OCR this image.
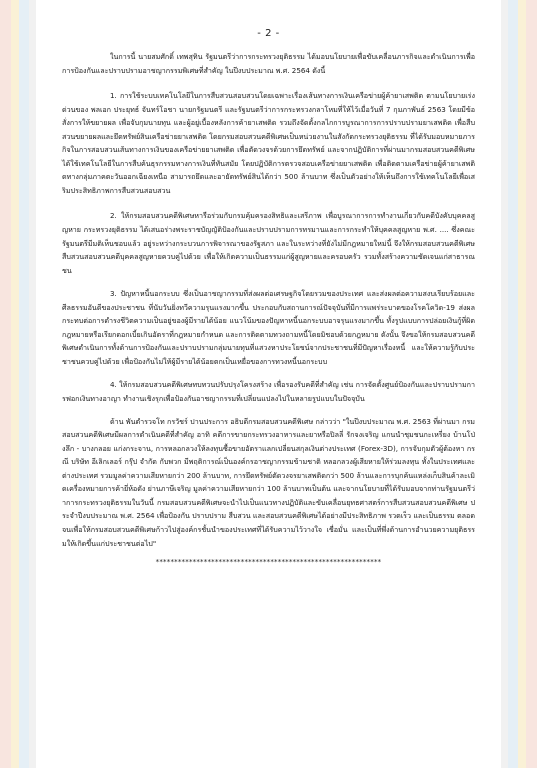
- 2 -

ในการนี้ นายสมศักดิ์ เทพสุทิน รัฐมนตรีว่าการกระทรวงยุติธรรม ได้มอบนโยบายเพื่อขับเคลื่อนภารกิจและดำเนินการเพื่อการป้องกันและปราบปรามอาชญากรรมพิเศษที่สำคัญ ในปีงบประมาณ พ.ศ. 2564 ดังนี้

1. การใช้ระบบเทคโนโลยีในการสืบสวนสอบสวนโดยเฉพาะเรื่องเส้นทางการเงินเครือข่ายผู้ค้ายาเสพติด ตามนโยบายเร่งด่วนของ พลเอก ประยุทธ์ จันทร์โอชา นายกรัฐมนตรี และรัฐมนตรีว่าการกระทรวงกลาโหมที่ให้ไว้เมื่อวันที่ 7 กุมภาพันธ์ 2563 โดยมีข้อสั่งการให้ขยายผล เพื่อจับกุมนายทุน และผู้อยู่เบื้องหลังการค้ายาเสพติด รวมถึงจัดตั้งกลไกการบูรณาการการปราบปรามยาเสพติด เพื่อสืบสวนขยายผลและยึดทรัพย์สินเครือข่ายยาเสพติด โดยกรมสอบสวนคดีพิเศษเป็นหน่วยงานในสังกัดกระทรวงยุติธรรม ที่ได้รับมอบหมายภารกิจในการสอบสวนเส้นทางการเงินของเครือข่ายยาเสพติด เพื่อตัดวงจรด้วยการยึดทรัพย์ และจากปฏิบัติการที่ผ่านมากรมสอบสวนคดีพิเศษได้ใช้เทคโนโลยีในการสืบค้นธุรกรรมทางการเงินที่ทันสมัย โดยปฏิบัติการตรวจสอบเครือข่ายยาเสพติด เพื่อติดตามเครือข่ายผู้ค้ายาเสพติดทางกลุ่มภาคตะวันออกเฉียงเหนือ สามารถยึดและอายัดทรัพย์สินได้กว่า 500 ล้านบาท ซึ่งเป็นตัวอย่างให้เห็นถึงการใช้เทคโนโลยีเพื่อเสริมประสิทธิภาพการสืบสวนสอบสวน

2. ให้กรมสอบสวนคดีพิเศษหารือร่วมกับกรมคุ้มครองสิทธิและเสรีภาพ เพื่อบูรณาการการทำงานเกี่ยวกับคดีบังคับบุคคลสูญหาย กระทรวงยุติธรรม ได้เสนอร่างพระราชบัญญัติป้องกันและปราบปรามการทรมานและการกระทำให้บุคคลสูญหาย พ.ศ. .... ซึ่งคณะรัฐมนตรีมีมติเห็นชอบแล้ว อยู่ระหว่างกระบวนการพิจารณาของรัฐสภา และในระหว่างที่ยังไม่มีกฎหมายใหม่นี้ จึงให้กรมสอบสวนคดีพิเศษสืบสวนสอบสวนคดีบุคคลสูญหายควบคู่ไปด้วย เพื่อให้เกิดความเป็นธรรมแก่ผู้สูญหายและครอบครัว รวมทั้งสร้างความชัดเจนแก่สาธารณชน

3. ปัญหาหนี้นอกระบบ ซึ่งเป็นอาชญากรรมที่ส่งผลต่อเศรษฐกิจโดยรวมของประเทศ และส่งผลต่อความสงบเรียบร้อยและศีลธรรมอันดีของประชาชน ที่นับวันยิ่งทวีความรุนแรงมากขึ้น ประกอบกับสถานการณ์ปัจจุบันที่มีการแพร่ระบาดของโรคโควิด-19 ส่งผลกระทบต่อการดำรงชีวิตความเป็นอยู่ของผู้มีรายได้น้อย แนวโน้มของปัญหาหนี้นอกระบบอาจรุนแรงมากขึ้น ทั้งรูปแบบการปล่อยเงินกู้ที่ผิดกฎหมายหรือเรียกดอกเบี้ยเกินอัตราที่กฎหมายกำหนด และการติดตามทวงถามหนี้โดยมิชอบด้วยกฎหมาย ดังนั้น จึงขอให้กรมสอบสวนคดีพิเศษดำเนินการทั้งด้านการป้องกันและปราบปรามกลุ่มนายทุนที่แสวงหาประโยชน์จากประชาชนที่มีปัญหาเรื่องหนี้ และให้ความรู้กับประชาชนควบคู่ไปด้วย เพื่อป้องกันไม่ให้ผู้มีรายได้น้อยตกเป็นเหยื่อของการทวงหนี้นอกระบบ

4. ให้กรมสอบสวนคดีพิเศษทบทวนปรับปรุงโครงสร้าง เพื่อรองรับคดีที่สำคัญ เช่น การจัดตั้งศูนย์ป้องกันและปราบปรามการฟอกเงินทางอาญา ทำงานเชิงรุกเพื่อป้องกันอาชญากรรมที่เปลี่ยนแปลงไปในหลายรูปแบบในปัจจุบัน

ด้าน พันตำรวจโท กรวัชร์ ปานประการ อธิบดีกรมสอบสวนคดีพิเศษ กล่าวว่า "ในปีงบประมาณ พ.ศ. 2563 ที่ผ่านมา กรมสอบสวนคดีพิเศษมีผลการดำเนินคดีที่สำคัญ อาทิ คดีการขายกระทรวงอาหารและยาหรือปิลลี่ รักจงเจริญ แกนนำชุมชนกะเหรี่ยง บ้านโป่งลึก - บางกลอย แก่งกระจาน, การหลอกลวงให้ลงทุนซื้อขายอัตราแลกเปลี่ยนสกุลเงินต่างประเทศ (Forex-3D), การจับกุมตัวผู้ต้องหา กรณี บริษัท อีเลิกเลอร์ กรุ๊ป จำกัด กับพวก มีพฤติการณ์เป็นองค์กรอาชญากรรมข้ามชาติ หลอกลวงผู้เสียหายให้ร่วมลงทุน ทั้งในประเทศและต่างประเทศ รวมมูลค่าความเสียหายกว่า 200 ล้านบาท, การยึดทรัพย์ตัดวงจรยาเสพติดกว่า 500 ล้านและการบุกค้นแหล่งเก็บสินค้าละเมิดเครื่องหมายการค้ายี่ห้อดัง ย่านภาษีเจริญ มูลค่าความเสียหายกว่า 100 ล้านบาทเป็นต้น และจากนโยบายที่ได้รับมอบจากท่านรัฐมนตรีว่าการกระทรวงยุติธรรมในวันนี้ กรมสอบสวนคดีพิเศษจะนำไปเป็นแนวทางปฏิบัติและขับเคลื่อนยุทธศาสตร์การสืบสวนสอบสวนคดีพิเศษ ประจำปีงบประมาณ พ.ศ. 2564 เพื่อป้องกัน ปราบปราม สืบสวน และสอบสวนคดีพิเศษได้อย่างมีประสิทธิภาพ รวดเร็ว และเป็นธรรม ตลอดจนเพื่อให้กรมสอบสวนคดีพิเศษก้าวไปสู่องค์กรชั้นนำของประเทศที่ได้รับความไว้วางใจ เชื่อมั่น และเป็นที่พึ่งด้านการอำนวยความยุติธรรมให้เกิดขึ้นแก่ประชาชนต่อไป"

*************************************************************
